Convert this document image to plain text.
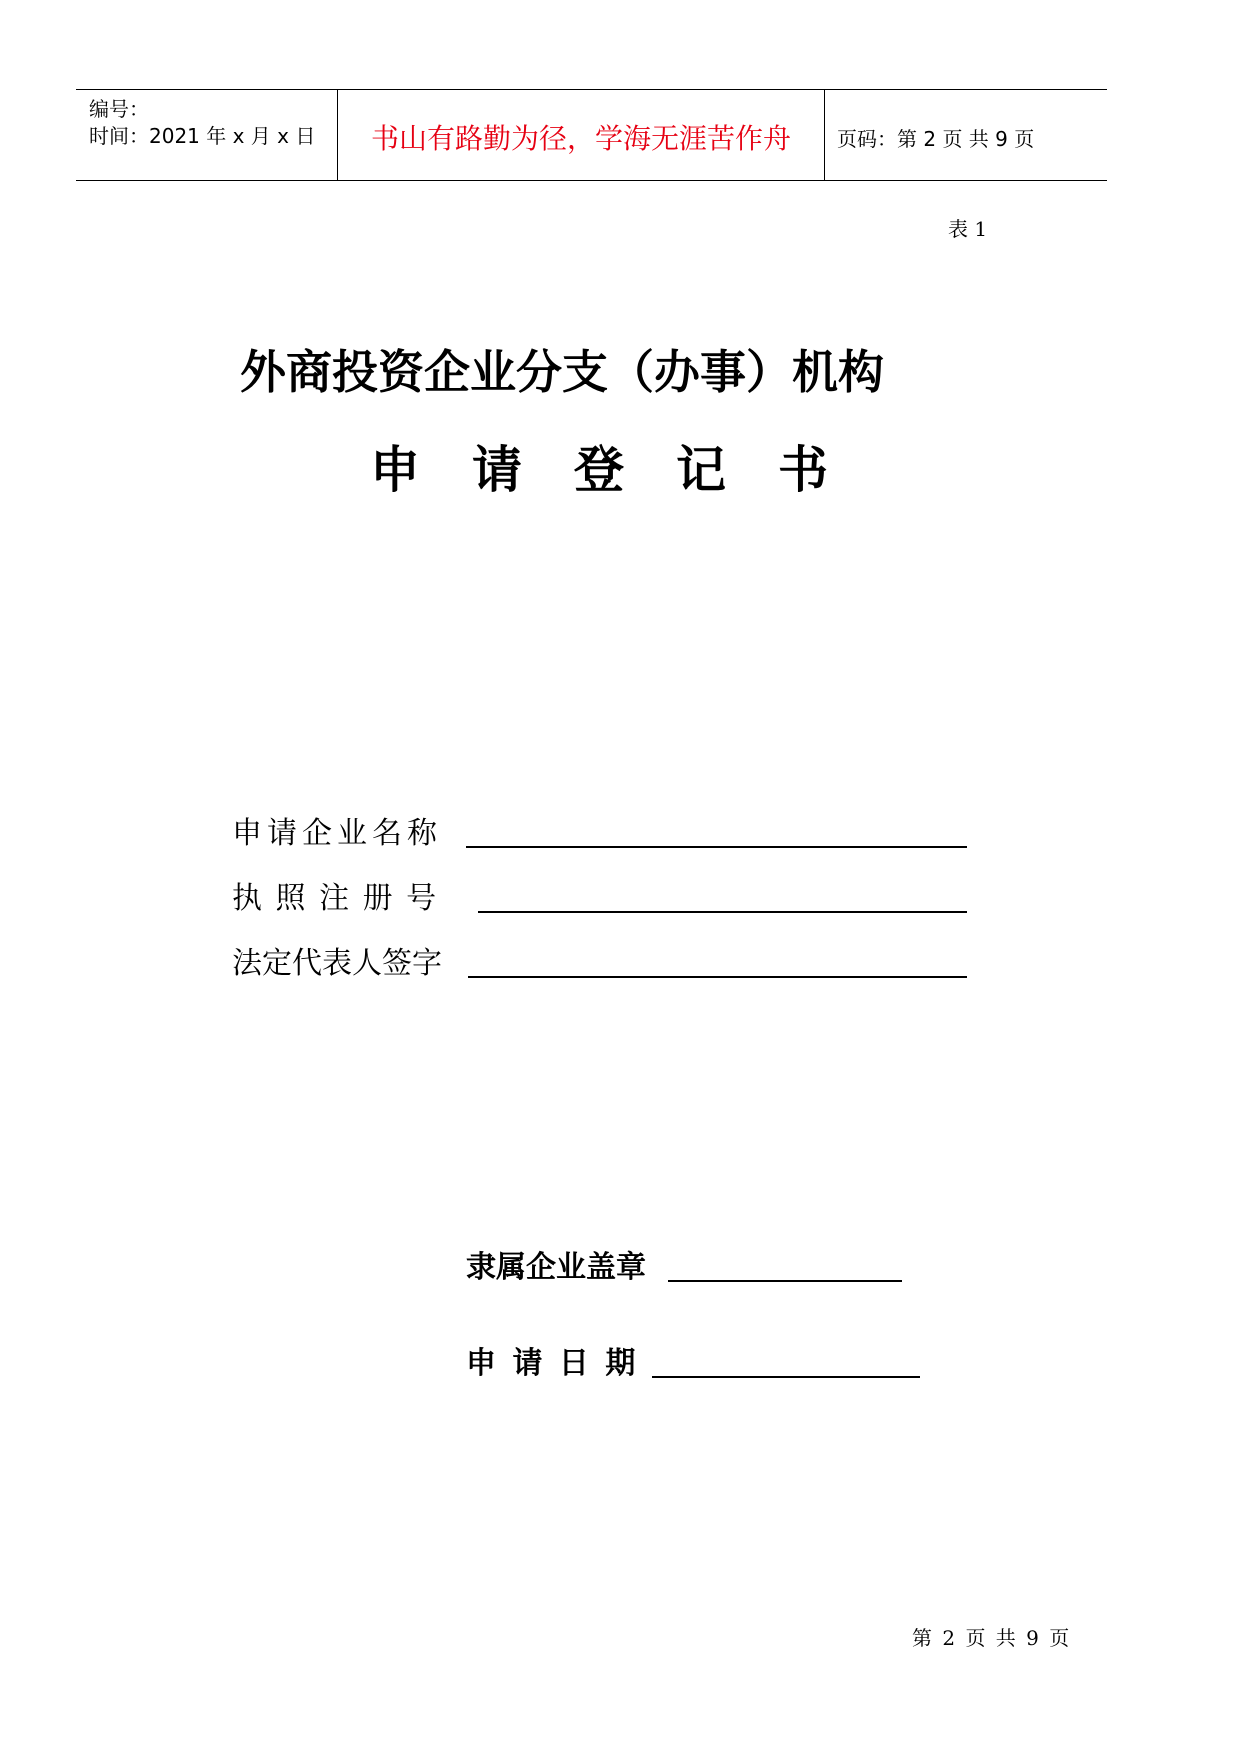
编号：
时间：2021 年 x 月 x 日	书山有路勤为径，学海无涯苦作舟	页码：第 2 页 共 9 页
表 1
外商投资企业分支（办事）机构
申请登记书
申请企业名称
执 照 注 册 号
法定代表人签字
隶属企业盖章
申 请 日 期
第 2 页 共 9 页
